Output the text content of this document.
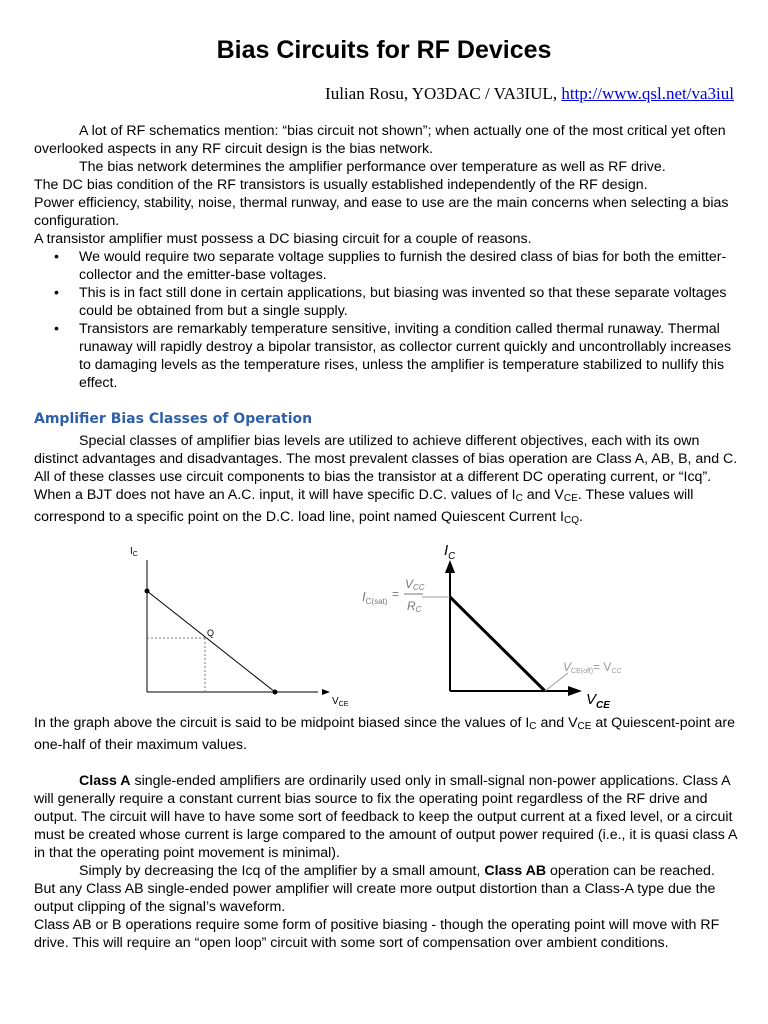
Bias Circuits for RF Devices
Iulian Rosu, YO3DAC / VA3IUL, http://www.qsl.net/va3iul

A lot of RF schematics mention: “bias circuit not shown”; when actually one of the most critical yet often overlooked aspects in any RF circuit design is the bias network.

The bias network determines the amplifier performance over temperature as well as RF drive.

The DC bias condition of the RF transistors is usually established independently of the RF design.

Power efficiency, stability, noise, thermal runway, and ease to use are the main concerns when selecting a bias configuration.

A transistor amplifier must possess a DC biasing circuit for a couple of reasons.

• We would require two separate voltage supplies to furnish the desired class of bias for both the emitter-collector and the emitter-base voltages.
• This is in fact still done in certain applications, but biasing was invented so that these separate voltages could be obtained from but a single supply.
• Transistors are remarkably temperature sensitive, inviting a condition called thermal runaway. Thermal runaway will rapidly destroy a bipolar transistor, as collector current quickly and uncontrollably increases to damaging levels as the temperature rises, unless the amplifier is temperature stabilized to nullify this effect.
Amplifier Bias Classes of Operation

Special classes of amplifier bias levels are utilized to achieve different objectives, each with its own distinct advantages and disadvantages. The most prevalent classes of bias operation are Class A, AB, B, and C. All of these classes use circuit components to bias the transistor at a different DC operating current, or “Icq”.

When a BJT does not have an A.C. input, it will have specific D.C. values of $I_C$ and $V_{CE}$. These values will correspond to a specific point on the D.C. load line, point named Quiescent Current $I_{CQ}$.

Q
$I_C$
$V_{CE}$
$I_C$
$V_{CE}$
$I_{C(sat)}$
=
VCC
RC
VCE(off)= VCC

In the graph above the circuit is said to be midpoint biased since the values of $I_C$ and $V_{CE}$ at Quiescent-point are one-half of their maximum values.

Class A single-ended amplifiers are ordinarily used only in small-signal non-power applications. Class A will generally require a constant current bias source to fix the operating point regardless of the RF drive and output. The circuit will have to have some sort of feedback to keep the output current at a fixed level, or a circuit must be created whose current is large compared to the amount of output power required (i.e., it is quasi class A in that the operating point movement is minimal).

Simply by decreasing the Icq of the amplifier by a small amount, Class AB operation can be reached.

But any Class AB single-ended power amplifier will create more output distortion than a Class-A type due the output clipping of the signal’s waveform.

Class AB or B operations require some form of positive biasing - though the operating point will move with RF drive. This will require an “open loop” circuit with some sort of compensation over ambient conditions.
